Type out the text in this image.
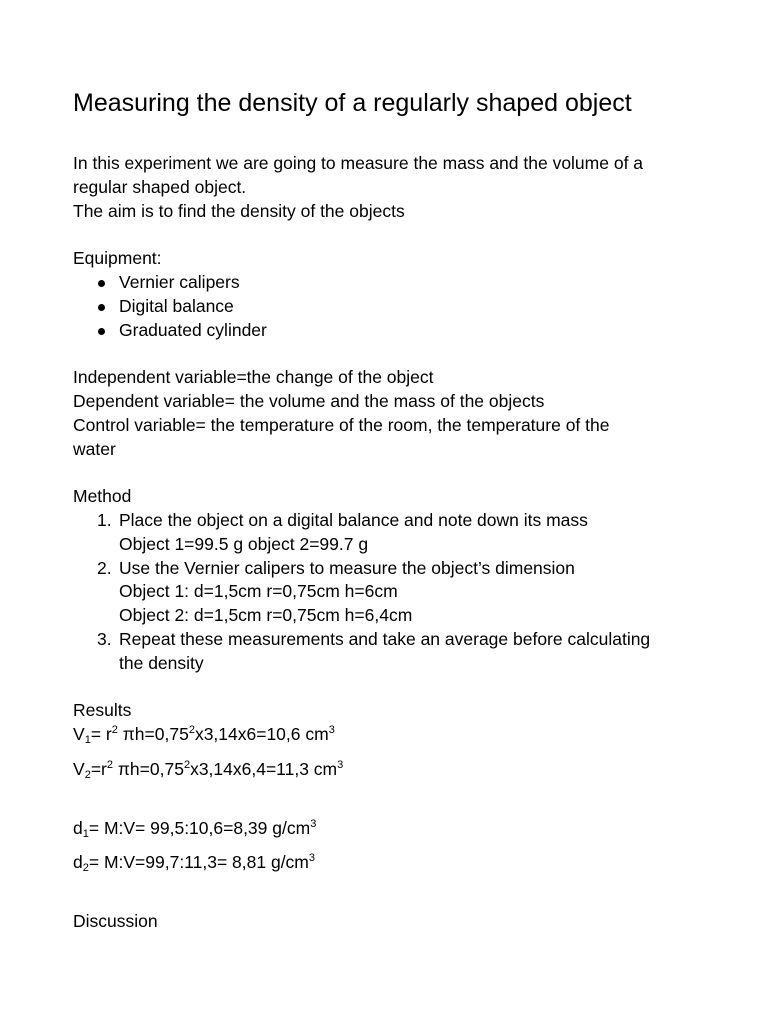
Measuring the density of a regularly shaped object
In this experiment we are going to measure the mass and the volume of a
regular shaped object.
The aim is to find the density of the objects
Equipment:
Vernier calipers
Digital balance
Graduated cylinder
Independent variable=the change of the object
Dependent variable= the volume and the mass of the objects
Control variable= the temperature of the room, the temperature of the
water
Method
1. Place the object on a digital balance and note down its mass
Object 1=99.5 g object 2=99.7 g
2. Use the Vernier calipers to measure the object’s dimension
Object 1: d=1,5cm r=0,75cm h=6cm
Object 2: d=1,5cm r=0,75cm h=6,4cm
3. Repeat these measurements and take an average before calculating
the density
Results
$V_1= r^2$ $\pi h=0,75^2x3,14x6=10,6$ $cm^3$
$V_2=r^2$ $\pi h=0,75^2x3,14x6,4=11,3$ $cm^3$
$d_1=$ M:V= 99,5:10,6=8,39 $g/cm^3$
$d_2=$ M:V=99,7:11,3= 8,81 $g/cm^3$
Discussion
